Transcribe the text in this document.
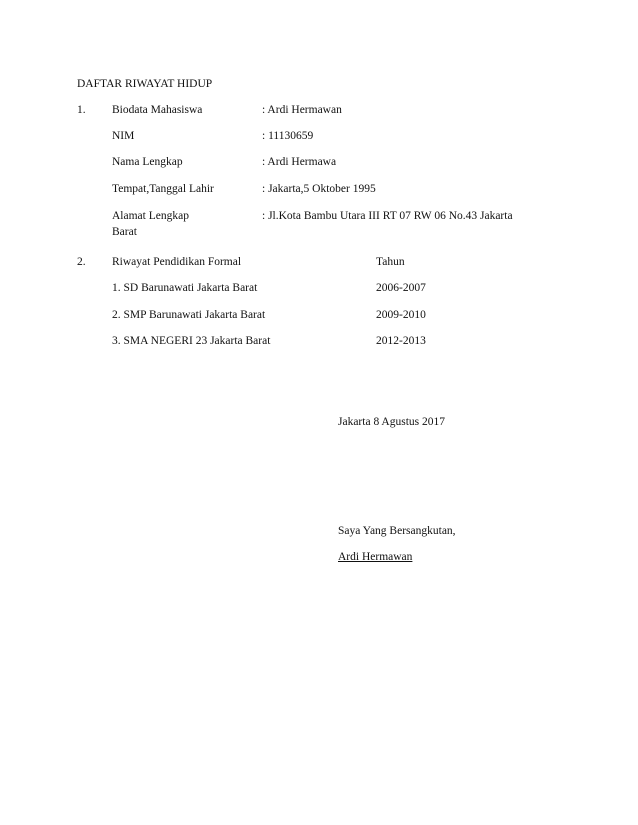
DAFTAR RIWAYAT HIDUP
1. Biodata Mahasiswa	: Ardi Hermawan
NIM	: 11130659
Nama Lengkap	: Ardi Hermawa
Tempat,Tanggal Lahir	: Jakarta,5 Oktober 1995
Alamat Lengkap	: Jl.Kota Bambu Utara III RT 07 RW 06 No.43 Jakarta
Barat
2. Riwayat Pendidikan Formal	Tahun
1. SD Barunawati Jakarta Barat	2006-2007
2. SMP Barunawati Jakarta Barat	2009-2010
3. SMA NEGERI 23 Jakarta Barat	2012-2013
Jakarta 8 Agustus 2017
Saya Yang Bersangkutan,
Ardi Hermawan
